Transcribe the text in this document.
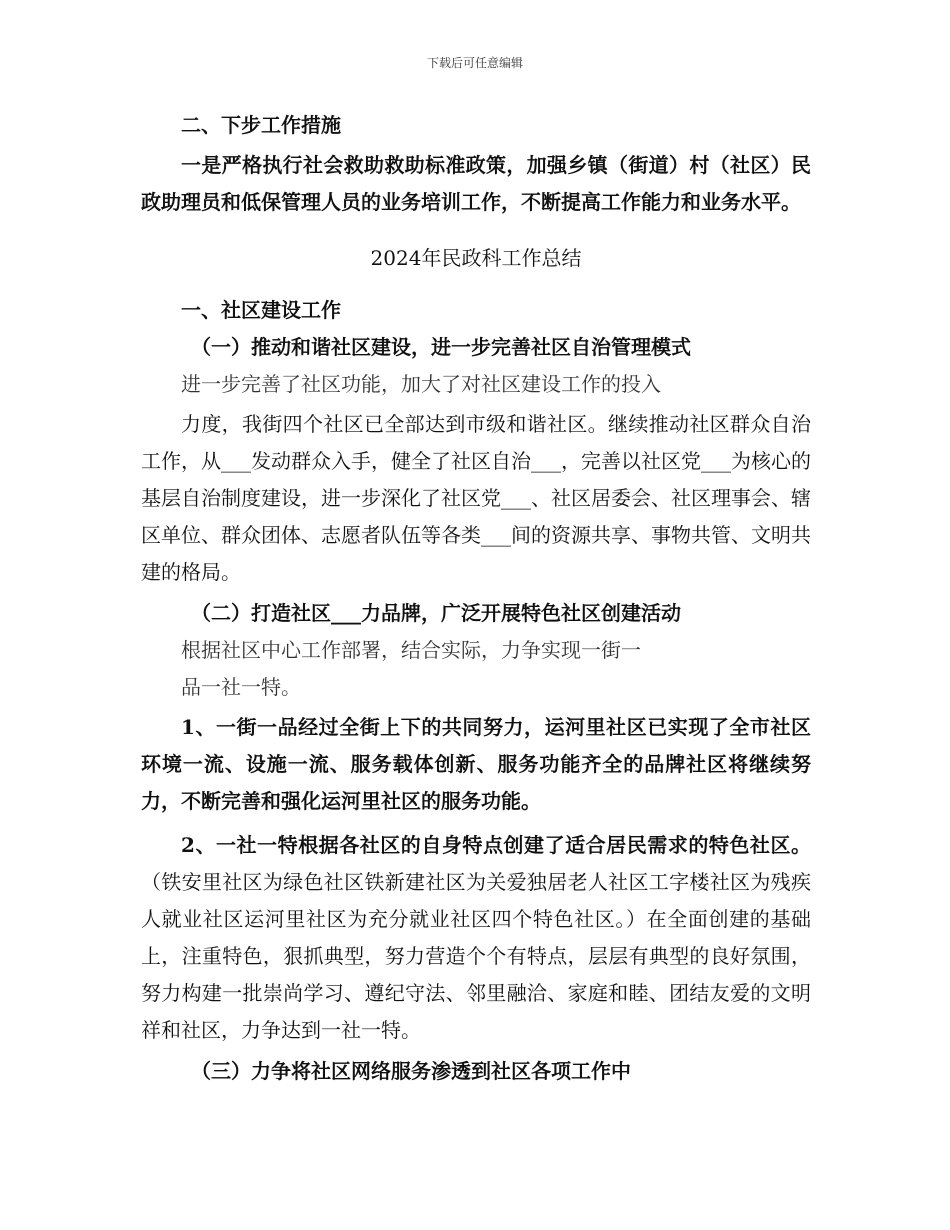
下载后可任意编辑

二、下步工作措施

一是严格执行社会救助救助标准政策，加强乡镇（街道）村（社区）民政助理员和低保管理人员的业务培训工作，不断提高工作能力和业务水平。

2024年民政科工作总结

一、社区建设工作

（一）推动和谐社区建设，进一步完善社区自治管理模式

进一步完善了社区功能，加大了对社区建设工作的投入

力度，我街四个社区已全部达到市级和谐社区。继续推动社区群众自治工作，从___发动群众入手，健全了社区自治___，完善以社区党___为核心的基层自治制度建设，进一步深化了社区党___、社区居委会、社区理事会、辖区单位、群众团体、志愿者队伍等各类___间的资源共享、事物共管、文明共建的格局。

（二）打造社区___力品牌，广泛开展特色社区创建活动

根据社区中心工作部署，结合实际，力争实现一街一

品一社一特。

1、一街一品经过全街上下的共同努力，运河里社区已实现了全市社区环境一流、设施一流、服务载体创新、服务功能齐全的品牌社区将继续努力，不断完善和强化运河里社区的服务功能。

2、一社一特根据各社区的自身特点创建了适合居民需求的特色社区。（铁安里社区为绿色社区铁新建社区为关爱独居老人社区工字楼社区为残疾人就业社区运河里社区为充分就业社区四个特色社区。）在全面创建的基础上，注重特色，狠抓典型，努力营造个个有特点，层层有典型的良好氛围，努力构建一批崇尚学习、遵纪守法、邻里融洽、家庭和睦、团结友爱的文明祥和社区，力争达到一社一特。

（三）力争将社区网络服务渗透到社区各项工作中
